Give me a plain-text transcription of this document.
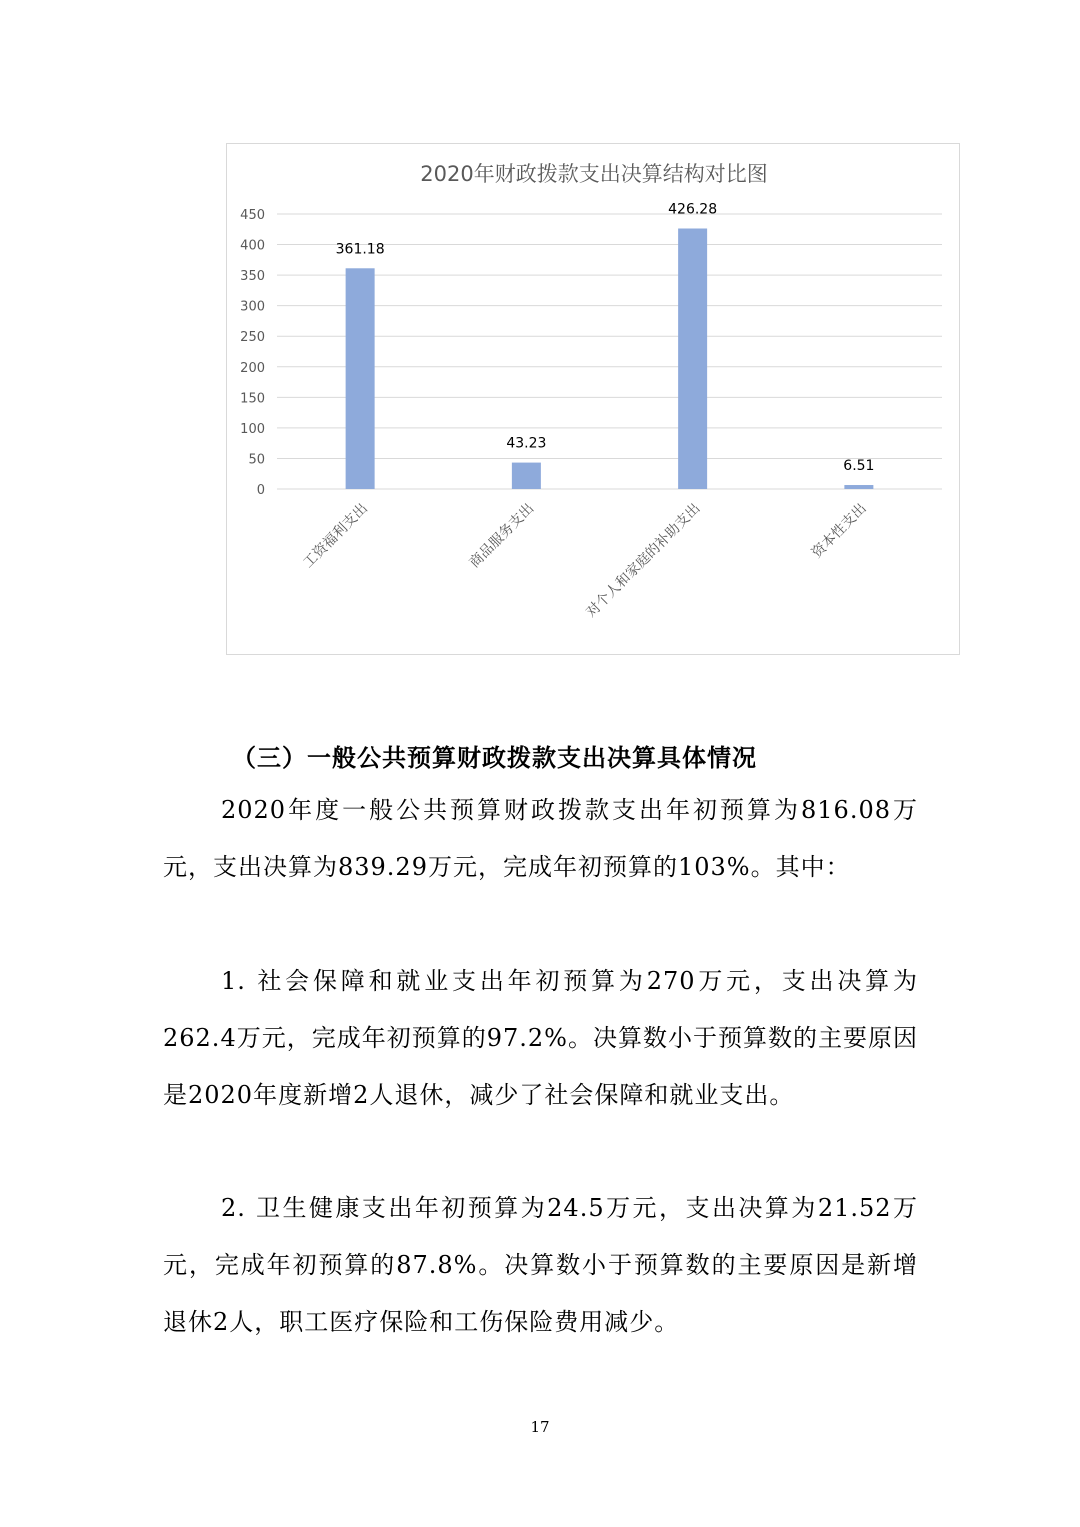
2020年财政拨款支出决算结构对比图
0
50
100
150
200
250
300
350
400
450
361.18
工资福利支出
43.23
商品服务支出
426.28
对个人和家庭的补助支出
6.51
资本性支出
（三）一般公共预算财政拨款支出决算具体情况

2020年度一般公共预算财政拨款支出年初预算为816.08万元，支出决算为839.29万元，完成年初预算的103%。其中：

1. 社会保障和就业支出年初预算为270万元，支出决算为262.4万元，完成年初预算的97.2%。决算数小于预算数的主要原因是2020年度新增2人退休，减少了社会保障和就业支出。

2. 卫生健康支出年初预算为24.5万元，支出决算为21.52万元，完成年初预算的87.8%。决算数小于预算数的主要原因是新增退休2人，职工医疗保险和工伤保险费用减少。

17
